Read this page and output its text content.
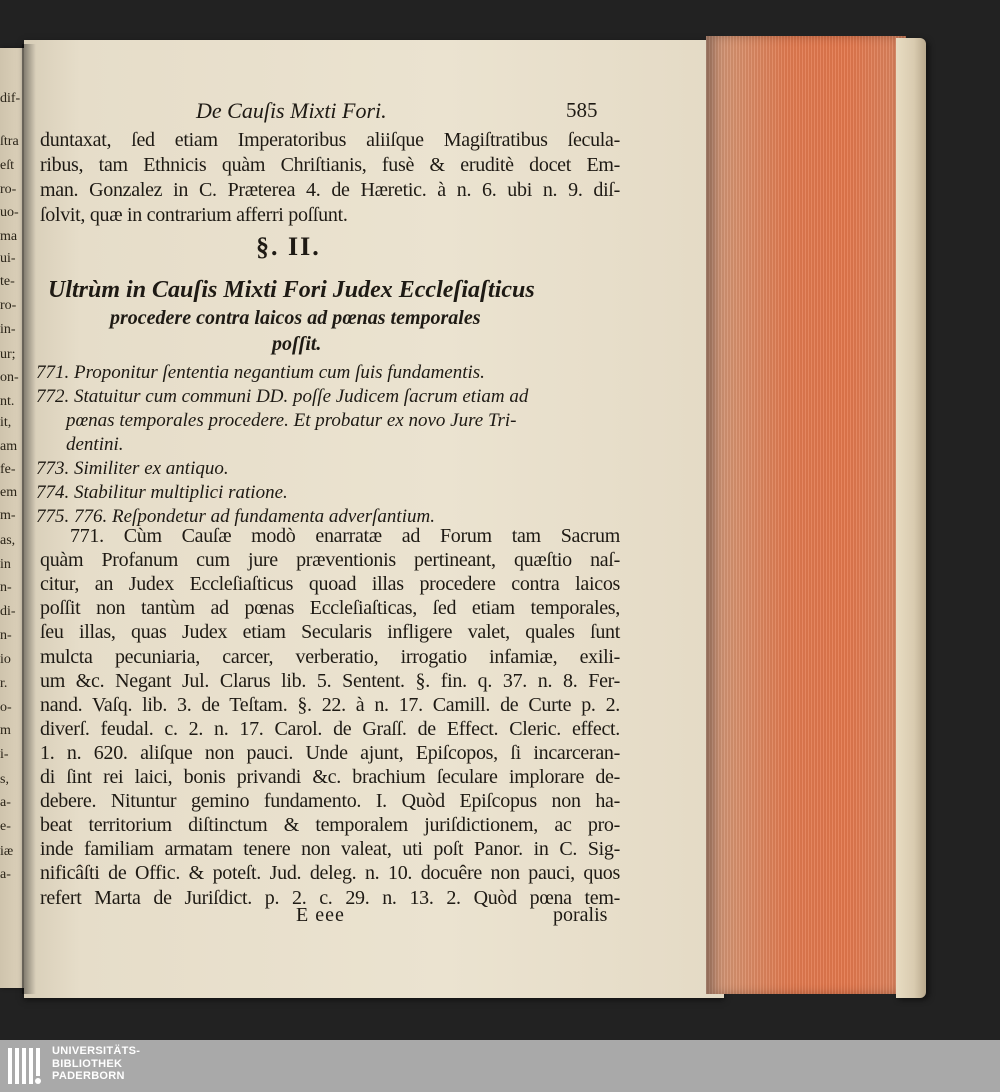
dif-
ſtra
eſt
ro-
uo-
ma
ui-
te-
ro-
in-
ur;
on-
nt.
it,
am
fe-
em
m-
as,
in
n-
di-
n-
io
r.
o-
m
i-
s,
a-
e-
iæ
a-
De Cauſis Mixti Fori.	585
duntaxat, ſed etiam Imperatoribus aliiſque Magiſtratibus ſecula-
ribus, tam Ethnicis quàm Chriſtianis, fusè & eruditè docet Em-
man. Gonzalez in C. Præterea 4. de Hæretic. à n. 6. ubi n. 9. diſ-
ſolvit, quæ in contrarium afferri poſſunt.
§. II.
Ultrùm in Cauſis Mixti Fori Judex Eccleſiaſticus
procedere contra laicos ad pœnas temporales
poſſit.
771. Proponitur ſententia negantium cum ſuis fundamentis.
772. Statuitur cum communi DD. poſſe Judicem ſacrum etiam ad
pœnas temporales procedere. Et probatur ex novo Jure Tri-
dentini.
773. Similiter ex antiquo.
774. Stabilitur multiplici ratione.
775. 776. Reſpondetur ad fundamenta adverſantium.
771. Cùm Cauſæ modò enarratæ ad Forum tam Sacrum
quàm Profanum cum jure præventionis pertineant, quæſtio naſ-
citur, an Judex Eccleſiaſticus quoad illas procedere contra laicos
poſſit non tantùm ad pœnas Eccleſiaſticas, ſed etiam temporales,
ſeu illas, quas Judex etiam Secularis infligere valet, quales ſunt
mulcta pecuniaria, carcer, verberatio, irrogatio infamiæ, exili-
um &c. Negant Jul. Clarus lib. 5. Sentent. §. fin. q. 37. n. 8. Fer-
nand. Vaſq. lib. 3. de Teſtam. §. 22. à n. 17. Camill. de Curte p. 2.
diverſ. feudal. c. 2. n. 17. Carol. de Graſſ. de Effect. Cleric. effect.
1. n. 620. aliſque non pauci. Unde ajunt, Epiſcopos, ſi incarceran-
di ſint rei laici, bonis privandi &c. brachium ſeculare implorare de-
debere. Nituntur gemino fundamento. I. Quòd Epiſcopus non ha-
beat territorium diſtinctum & temporalem juriſdictionem, ac pro-
inde familiam armatam tenere non valeat, uti poſt Panor. in C. Sig-
nificâſti de Offic. & poteſt. Jud. deleg. n. 10. docuêre non pauci, quos
refert Marta de Juriſdict. p. 2. c. 29. n. 13. 2. Quòd pœna tem-
E eee	poralis
UNIVERSITÄTS-
BIBLIOTHEK
PADERBORN
